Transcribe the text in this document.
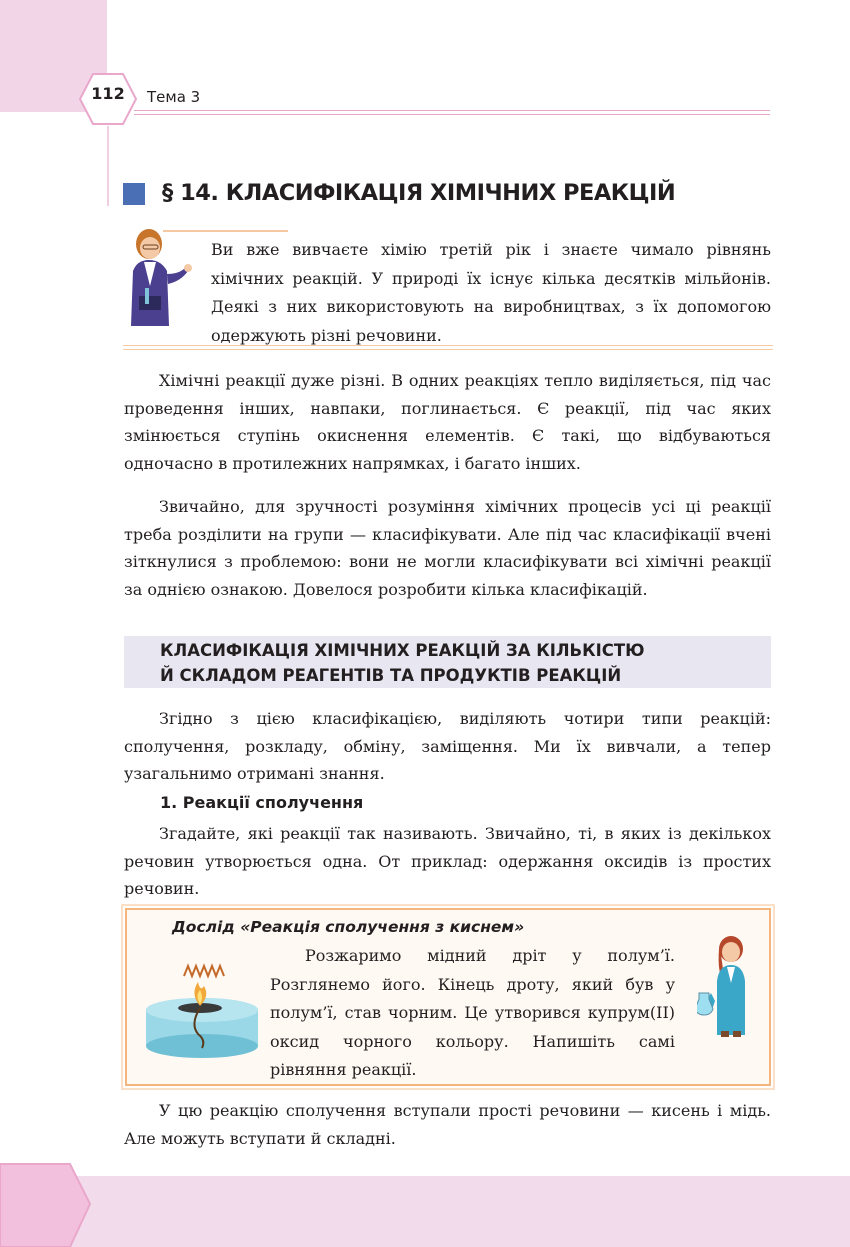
112	Тема 3
§ 14. КЛАСИФІКАЦІЯ ХІМІЧНИХ РЕАКЦІЙ

Ви вже вивчаєте хімію третій рік і знаєте чимало рівнянь хімічних реакцій. У природі їх існує кілька десятків мільйонів. Деякі з них використовують на виробництвах, з їх допомогою одержують різні речовини.

Хімічні реакції дуже різні. В одних реакціях тепло виділяється, під час проведення інших, навпаки, поглинається. Є реакції, під час яких змінюється ступінь окиснення елементів. Є такі, що відбуваються одночасно в протилежних напрямках, і багато інших.

Звичайно, для зручності розуміння хімічних процесів усі ці реакції треба розділити на групи — класифікувати. Але під час класифікації вчені зіткнулися з проблемою: вони не могли класифікувати всі хімічні реакції за однією ознакою. Довелося розробити кілька класифікацій.

КЛАСИФІКАЦІЯ ХІМІЧНИХ РЕАКЦІЙ ЗА КІЛЬКІСТЮ
Й СКЛАДОМ РЕАГЕНТІВ ТА ПРОДУКТІВ РЕАКЦІЙ

Згідно з цією класифікацією, виділяють чотири типи реакцій: сполучення, розкладу, обміну, заміщення. Ми їх вивчали, а тепер узагальнимо отримані знання.

1. Реакції сполучення

Згадайте, які реакції так називають. Звичайно, ті, в яких із декількох речовин утворюється одна. От приклад: одержання оксидів із простих речовин.

Дослід «Реакція сполучення з киснем»

Розжаримо мідний дріт у полум’ї. Розглянемо його. Кінець дроту, який був у полум’ї, став чорним. Це утворився купрум(II) оксид чорного кольору. Напишіть самі рівняння реакції.

У цю реакцію сполучення вступали прості речовини — кисень і мідь. Але можуть вступати й складні.
